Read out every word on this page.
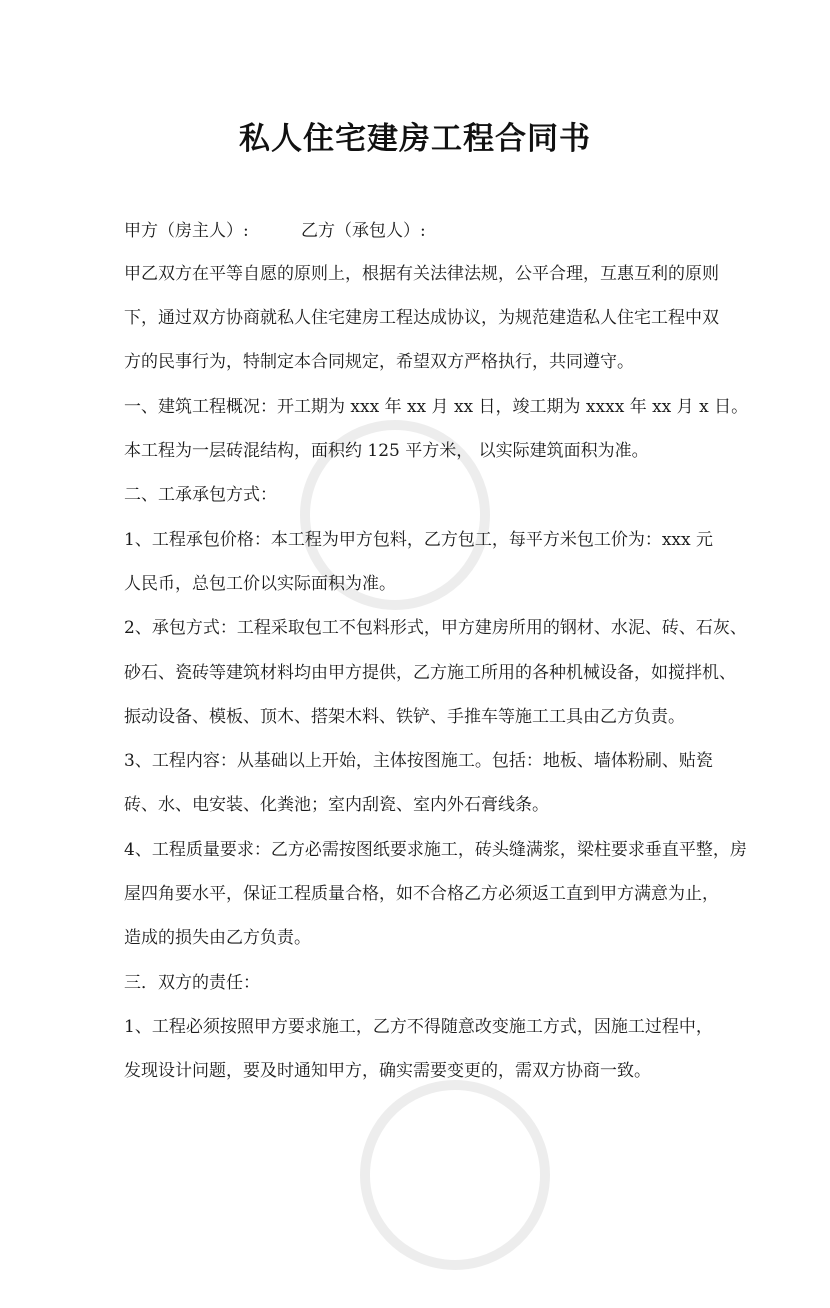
私人住宅建房工程合同书
甲方（房主人）:	乙方（承包人）:
甲乙双方在平等自愿的原则上，根据有关法律法规，公平合理，互惠互利的原则
下，通过双方协商就私人住宅建房工程达成协议，为规范建造私人住宅工程中双
方的民事行为，特制定本合同规定，希望双方严格执行，共同遵守。
一、建筑工程概况：开工期为 xxx 年 xx 月 xx 日，竣工期为 xxxx 年 xx 月 x 日。
本工程为一层砖混结构，面积约 125 平方米， 以实际建筑面积为准。
二、工承承包方式：
1、工程承包价格：本工程为甲方包料，乙方包工，每平方米包工价为：xxx 元
人民币，总包工价以实际面积为准。
2、承包方式：工程采取包工不包料形式，甲方建房所用的钢材、水泥、砖、石灰、
砂石、瓷砖等建筑材料均由甲方提供，乙方施工所用的各种机械设备，如搅拌机、
振动设备、模板、顶木、搭架木料、铁铲、手推车等施工工具由乙方负责。
3、工程内容：从基础以上开始，主体按图施工。包括：地板、墙体粉刷、贴瓷
砖、水、电安装、化粪池；室内刮瓷、室内外石膏线条。
4、工程质量要求：乙方必需按图纸要求施工，砖头缝满浆，梁柱要求垂直平整，房
屋四角要水平，保证工程质量合格，如不合格乙方必须返工直到甲方满意为止，
造成的损失由乙方负责。
三．双方的责任：
1、工程必须按照甲方要求施工，乙方不得随意改变施工方式，因施工过程中，
发现设计问题，要及时通知甲方，确实需要变更的，需双方协商一致。
